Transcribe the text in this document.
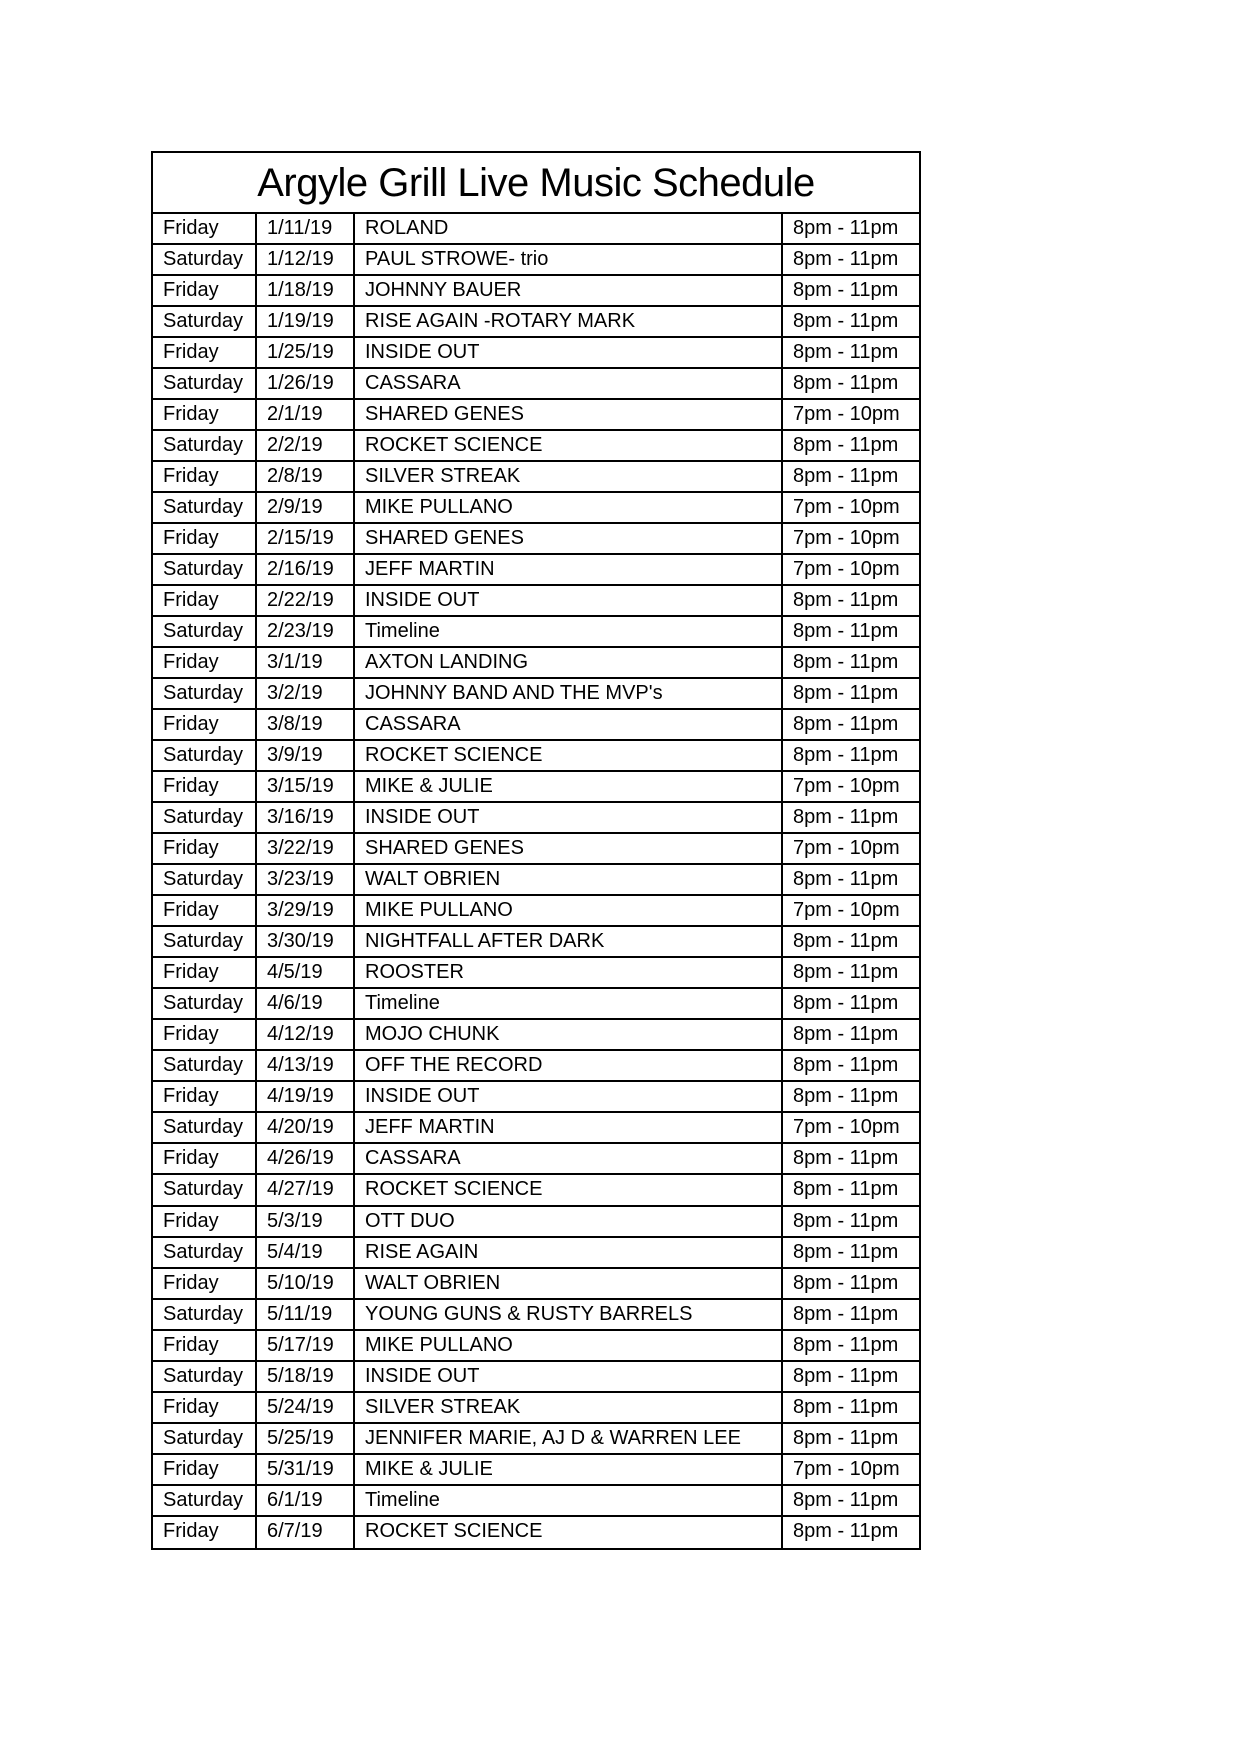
Argyle Grill Live Music Schedule
Friday	1/11/19	ROLAND	8pm - 11pm
Saturday	1/12/19	PAUL STROWE- trio	8pm - 11pm
Friday	1/18/19	JOHNNY BAUER	8pm - 11pm
Saturday	1/19/19	RISE AGAIN -ROTARY MARK	8pm - 11pm
Friday	1/25/19	INSIDE OUT	8pm - 11pm
Saturday	1/26/19	CASSARA	8pm - 11pm
Friday	2/1/19	SHARED GENES	7pm - 10pm
Saturday	2/2/19	ROCKET SCIENCE	8pm - 11pm
Friday	2/8/19	SILVER STREAK	8pm - 11pm
Saturday	2/9/19	MIKE PULLANO	7pm - 10pm
Friday	2/15/19	SHARED GENES	7pm - 10pm
Saturday	2/16/19	JEFF MARTIN	7pm - 10pm
Friday	2/22/19	INSIDE OUT	8pm - 11pm
Saturday	2/23/19	Timeline	8pm - 11pm
Friday	3/1/19	AXTON LANDING	8pm - 11pm
Saturday	3/2/19	JOHNNY BAND AND THE MVP's	8pm - 11pm
Friday	3/8/19	CASSARA	8pm - 11pm
Saturday	3/9/19	ROCKET SCIENCE	8pm - 11pm
Friday	3/15/19	MIKE & JULIE	7pm - 10pm
Saturday	3/16/19	INSIDE OUT	8pm - 11pm
Friday	3/22/19	SHARED GENES	7pm - 10pm
Saturday	3/23/19	WALT OBRIEN	8pm - 11pm
Friday	3/29/19	MIKE PULLANO	7pm - 10pm
Saturday	3/30/19	NIGHTFALL AFTER DARK	8pm - 11pm
Friday	4/5/19	ROOSTER	8pm - 11pm
Saturday	4/6/19	Timeline	8pm - 11pm
Friday	4/12/19	MOJO CHUNK	8pm - 11pm
Saturday	4/13/19	OFF THE RECORD	8pm - 11pm
Friday	4/19/19	INSIDE OUT	8pm - 11pm
Saturday	4/20/19	JEFF MARTIN	7pm - 10pm
Friday	4/26/19	CASSARA	8pm - 11pm
Saturday	4/27/19	ROCKET SCIENCE	8pm - 11pm
Friday	5/3/19	OTT DUO	8pm - 11pm
Saturday	5/4/19	RISE AGAIN	8pm - 11pm
Friday	5/10/19	WALT OBRIEN	8pm - 11pm
Saturday	5/11/19	YOUNG GUNS & RUSTY BARRELS	8pm - 11pm
Friday	5/17/19	MIKE PULLANO	8pm - 11pm
Saturday	5/18/19	INSIDE OUT	8pm - 11pm
Friday	5/24/19	SILVER STREAK	8pm - 11pm
Saturday	5/25/19	JENNIFER MARIE, AJ D & WARREN LEE	8pm - 11pm
Friday	5/31/19	MIKE & JULIE	7pm - 10pm
Saturday	6/1/19	Timeline	8pm - 11pm
Friday	6/7/19	ROCKET SCIENCE	8pm - 11pm
